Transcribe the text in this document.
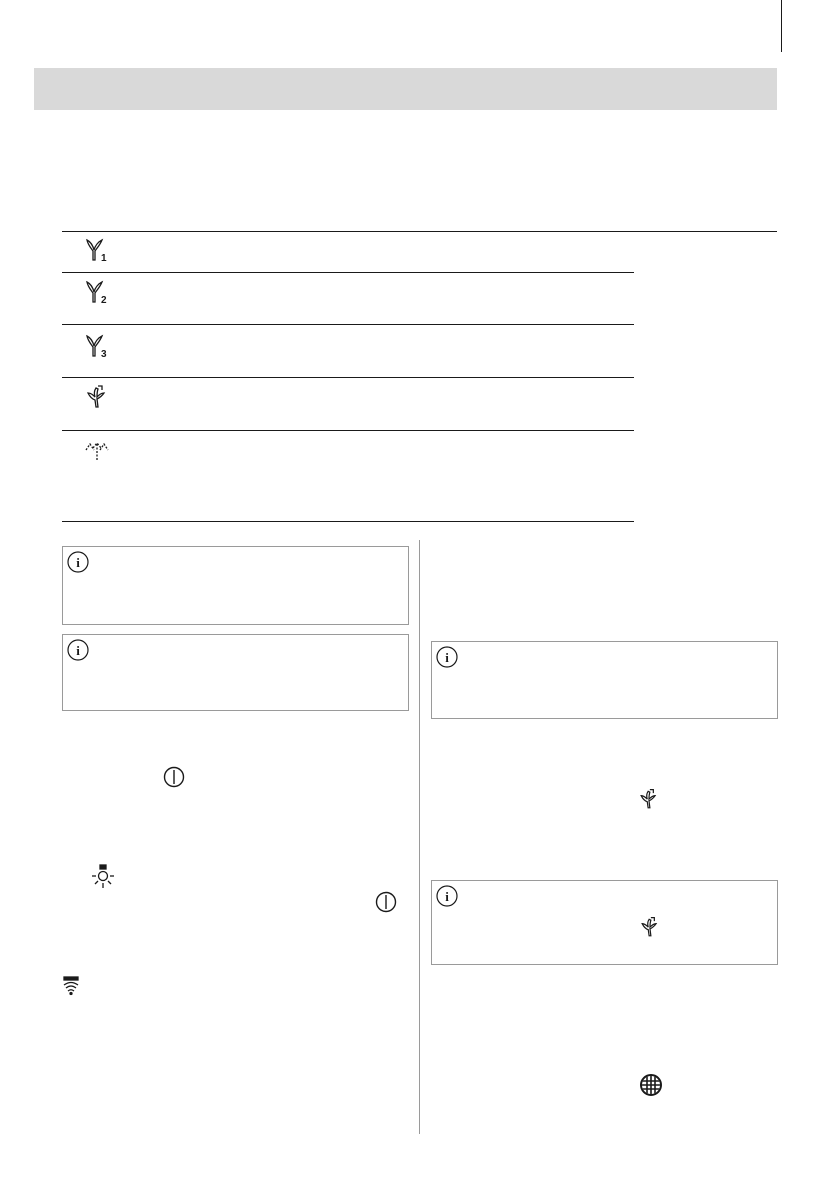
1
2
3
i
i	i
i
